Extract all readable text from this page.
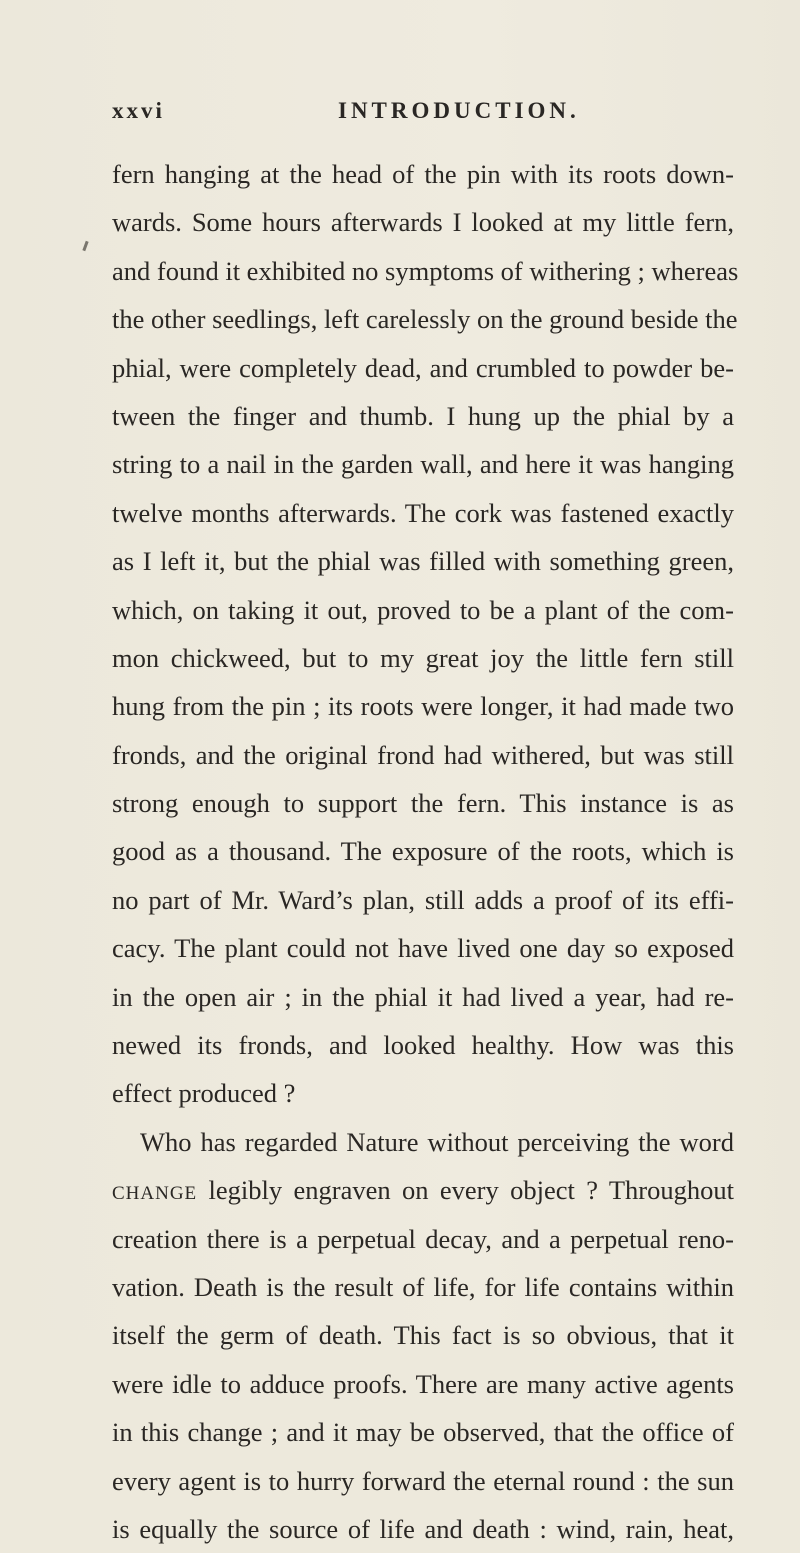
xxvi	INTRODUCTION.
fern hanging at the head of the pin with its roots down-
wards. Some hours afterwards I looked at my little fern,
and found it exhibited no symptoms of withering ; whereas
the other seedlings, left carelessly on the ground beside the
phial, were completely dead, and crumbled to powder be-
tween the finger and thumb. I hung up the phial by a
string to a nail in the garden wall, and here it was hanging
twelve months afterwards. The cork was fastened exactly
as I left it, but the phial was filled with something green,
which, on taking it out, proved to be a plant of the com-
mon chickweed, but to my great joy the little fern still
hung from the pin ; its roots were longer, it had made two
fronds, and the original frond had withered, but was still
strong enough to support the fern. This instance is as
good as a thousand. The exposure of the roots, which is
no part of Mr. Ward’s plan, still adds a proof of its effi-
cacy. The plant could not have lived one day so exposed
in the open air ; in the phial it had lived a year, had re-
newed its fronds, and looked healthy. How was this
effect produced ?
Who has regarded Nature without perceiving the word
change legibly engraven on every object ? Throughout
creation there is a perpetual decay, and a perpetual reno-
vation. Death is the result of life, for life contains within
itself the germ of death. This fact is so obvious, that it
were idle to adduce proofs. There are many active agents
in this change ; and it may be observed, that the office of
every agent is to hurry forward the eternal round : the sun
is equally the source of life and death : wind, rain, heat,
